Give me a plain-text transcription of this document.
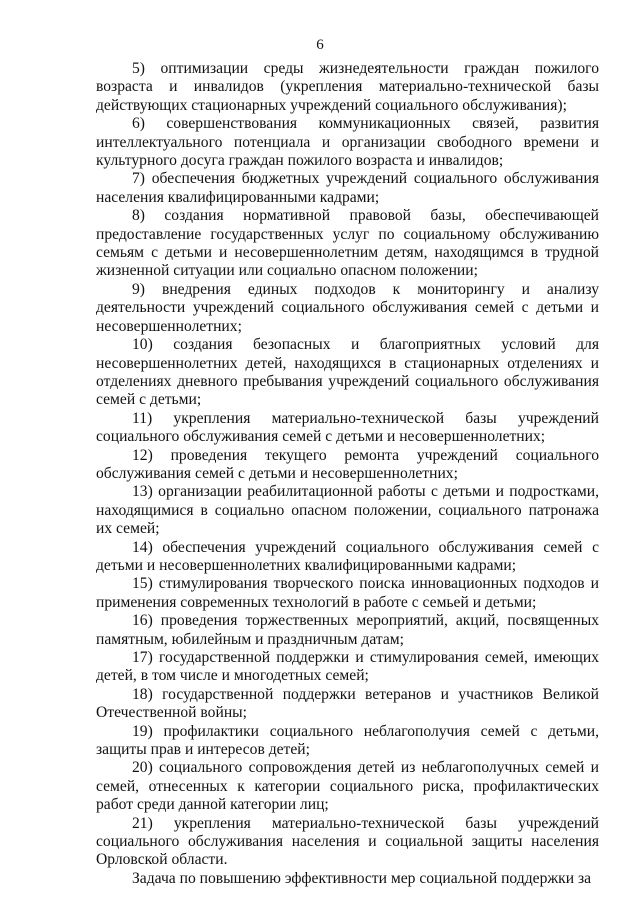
6

5) оптимизации среды жизнедеятельности граждан пожилого возраста и инвалидов (укрепления материально-технической базы действующих стационарных учреждений социального обслуживания);

6) совершенствования коммуникационных связей, развития интеллектуального потенциала и организации свободного времени и культурного досуга граждан пожилого возраста и инвалидов;

7) обеспечения бюджетных учреждений социального обслуживания населения квалифицированными кадрами;

8) создания нормативной правовой базы, обеспечивающей предоставление государственных услуг по социальному обслуживанию семьям с детьми и несовершеннолетним детям, находящимся в трудной жизненной ситуации или социально опасном положении;

9) внедрения единых подходов к мониторингу и анализу деятельности учреждений социального обслуживания семей с детьми и несовершеннолетних;

10) создания безопасных и благоприятных условий для несовершеннолетних детей, находящихся в стационарных отделениях и отделениях дневного пребывания учреждений социального обслуживания семей с детьми;

11) укрепления материально-технической базы учреждений социального обслуживания семей с детьми и несовершеннолетних;

12) проведения текущего ремонта учреждений социального обслуживания семей с детьми и несовершеннолетних;

13) организации реабилитационной работы с детьми и подростками, находящимися в социально опасном положении, социального патронажа их семей;

14) обеспечения учреждений социального обслуживания семей с детьми и несовершеннолетних квалифицированными кадрами;

15) стимулирования творческого поиска инновационных подходов и применения современных технологий в работе с семьей и детьми;

16) проведения торжественных мероприятий, акций, посвященных памятным, юбилейным и праздничным датам;

17) государственной поддержки и стимулирования семей, имеющих детей, в том числе и многодетных семей;

18) государственной поддержки ветеранов и участников Великой Отечественной войны;

19) профилактики социального неблагополучия семей с детьми, защиты прав и интересов детей;

20) социального сопровождения детей из неблагополучных семей и семей, отнесенных к категории социального риска, профилактических работ среди данной категории лиц;

21) укрепления материально-технической базы учреждений социального обслуживания населения и социальной защиты населения Орловской области.

Задача по повышению эффективности мер социальной поддержки за
